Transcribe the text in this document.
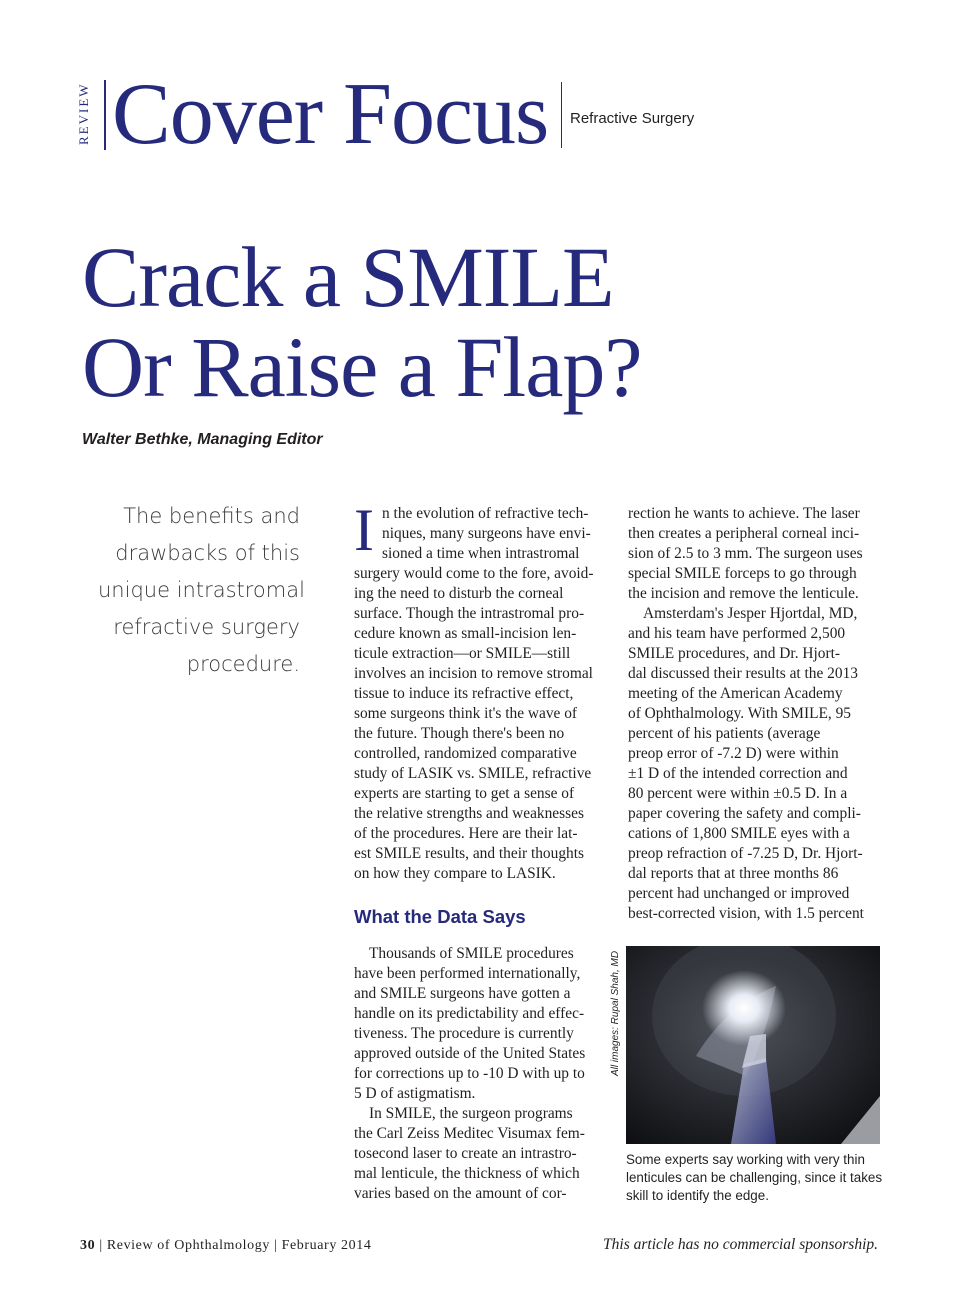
REVIEW Cover Focus Refractive Surgery
Crack a SMILE
Or Raise a Flap?
Walter Bethke, Managing Editor
The benefits and
drawbacks of this
unique intrastromal
refractive surgery
procedure.
I n the evolution of refractive tech-
niques, many surgeons have envi-
sioned a time when intrastromal
surgery would come to the fore, avoid-
ing the need to disturb the corneal
surface. Though the intrastromal pro-
cedure known as small-incision len-
ticule extraction—or SMILE—still
involves an incision to remove stromal
tissue to induce its refractive effect,
some surgeons think it's the wave of
the future. Though there's been no
controlled, randomized comparative
study of LASIK vs. SMILE, refractive
experts are starting to get a sense of
the relative strengths and weaknesses
of the procedures. Here are their lat-
est SMILE results, and their thoughts
on how they compare to LASIK.
What the Data Says
Thousands of SMILE procedures
have been performed internationally,
and SMILE surgeons have gotten a
handle on its predictability and effec-
tiveness. The procedure is currently
approved outside of the United States
for corrections up to -10 D with up to
5 D of astigmatism.
In SMILE, the surgeon programs
the Carl Zeiss Meditec Visumax fem-
tosecond laser to create an intrastro-
mal lenticule, the thickness of which
varies based on the amount of cor-
rection he wants to achieve. The laser
then creates a peripheral corneal inci-
sion of 2.5 to 3 mm. The surgeon uses
special SMILE forceps to go through
the incision and remove the lenticule.
Amsterdam's Jesper Hjortdal, MD,
and his team have performed 2,500
SMILE procedures, and Dr. Hjort-
dal discussed their results at the 2013
meeting of the American Academy
of Ophthalmology. With SMILE, 95
percent of his patients (average
preop error of -7.2 D) were within
±1 D of the intended correction and
80 percent were within ±0.5 D. In a
paper covering the safety and compli-
cations of 1,800 SMILE eyes with a
preop refraction of -7.25 D, Dr. Hjort-
dal reports that at three months 86
percent had unchanged or improved
best-corrected vision, with 1.5 percent
All images: Rupal Shah, MD
Some experts say working with very thin
lenticules can be challenging, since it takes
skill to identify the edge.
30 | Review of Ophthalmology | February 2014	This article has no commercial sponsorship.
